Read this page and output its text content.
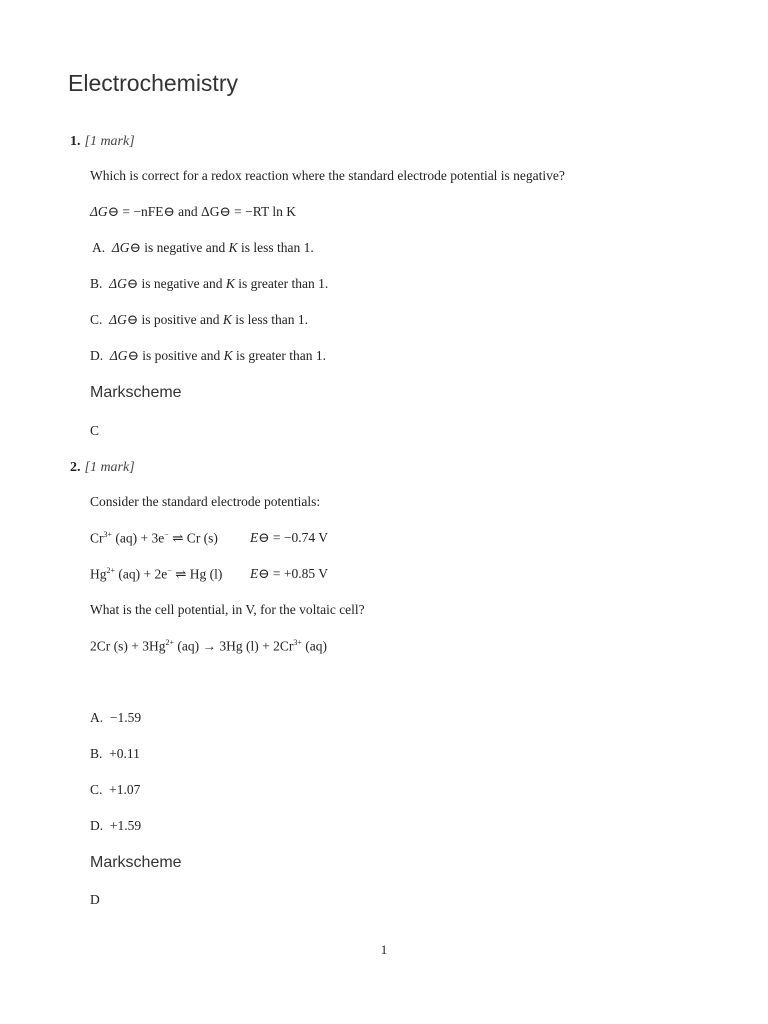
Electrochemistry
1. [1 mark]
Which is correct for a redox reaction where the standard electrode potential is negative?
ΔG⊖ = −nFE⊖ and ΔG⊖ = −RT ln K
A. ΔG⊖ is negative and K is less than 1.
B. ΔG⊖ is negative and K is greater than 1.
C. ΔG⊖ is positive and K is less than 1.
D. ΔG⊖ is positive and K is greater than 1.
Markscheme
C
2. [1 mark]
Consider the standard electrode potentials:
$Cr^{3+}$ (aq) + 3e− ⇌ Cr (s) E⊖ = −0.74 V
$Hg^{2+}$ (aq) + 2e− ⇌ Hg (l) E⊖ = +0.85 V
What is the cell potential, in V, for the voltaic cell?
2Cr $(s) + 3Hg^{2+}$ (aq) → 3Hg $(l) + 2Cr^{3+}$ (aq)
A. −1.59
B. +0.11
C. +1.07
D. +1.59
Markscheme
D
1
